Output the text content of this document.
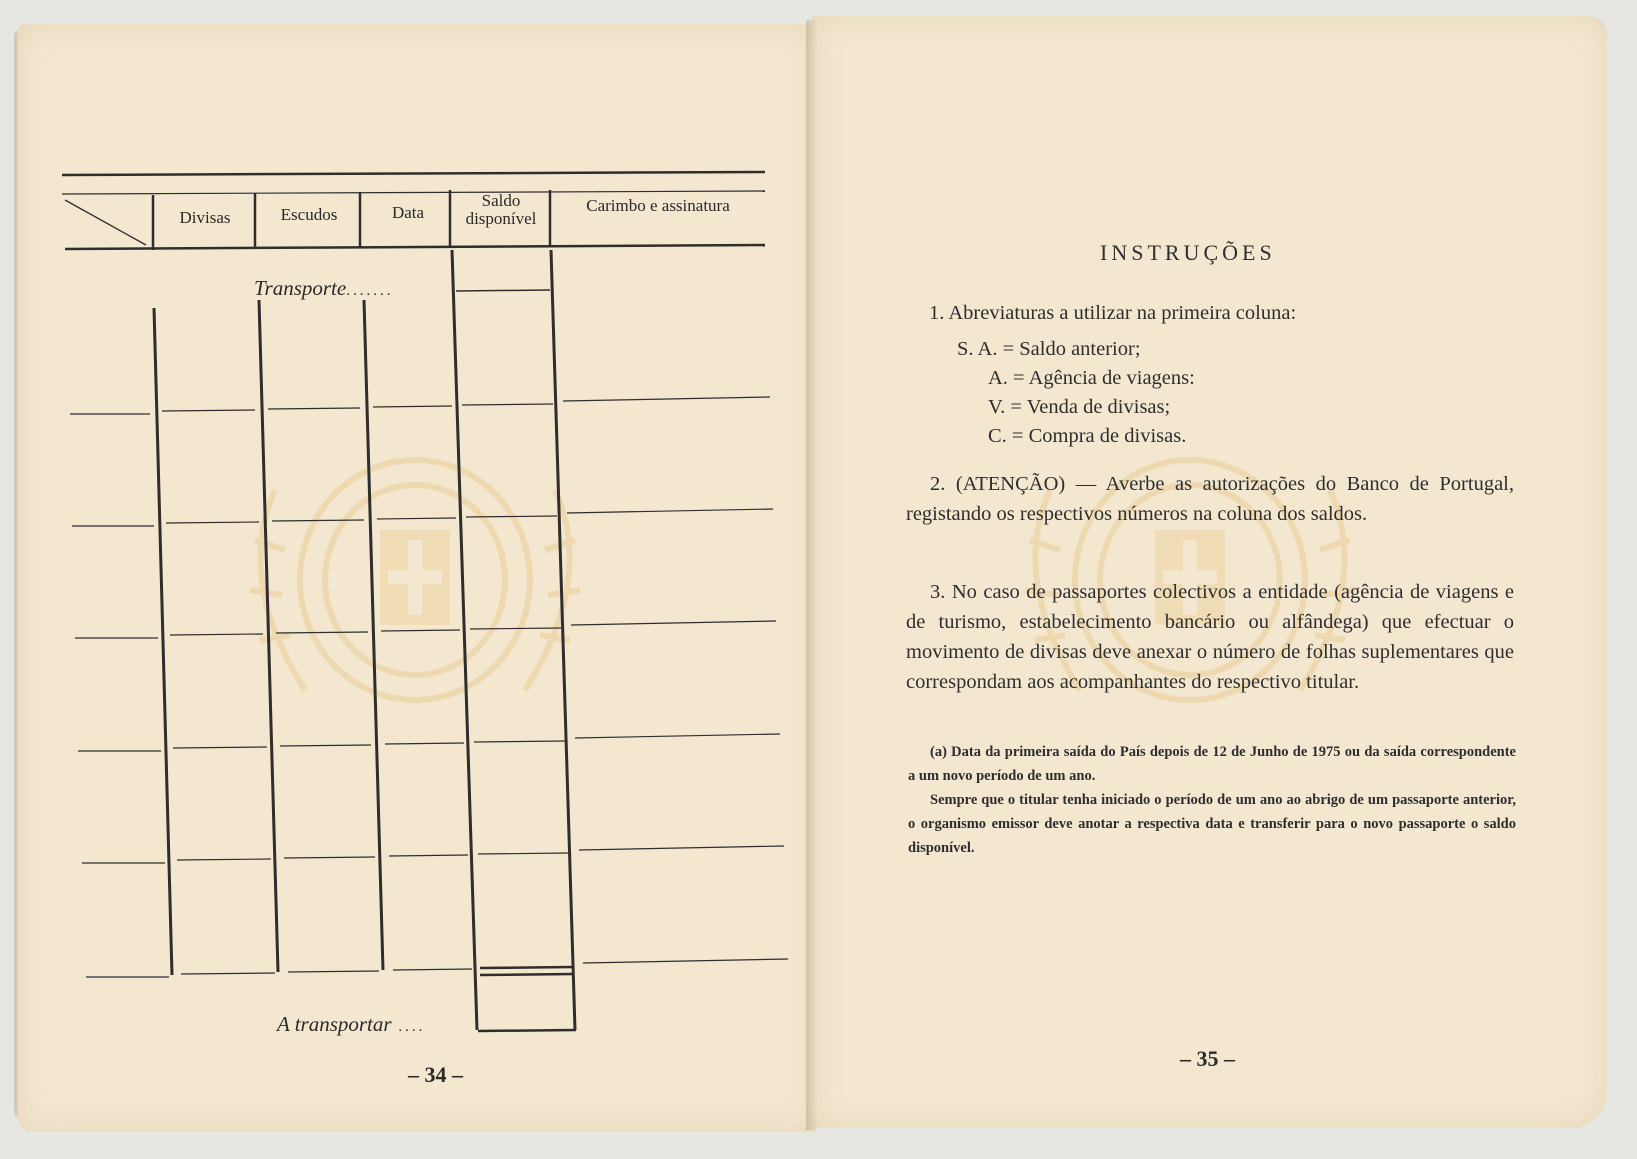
Divisas	Escudos	Data
Saldo
disponível
Carimbo e assinatura
Transporte.......
A transportar ....
– 34 –
INSTRUÇÕES
1. Abreviaturas a utilizar na primeira coluna:
S. A. = Saldo anterior;
A. = Agência de viagens:
V. = Venda de divisas;
C. = Compra de divisas.
2. (ATENÇÃO) — Averbe as autorizações do Banco de Portugal, registando os respectivos números na coluna dos saldos.
3. No caso de passaportes colectivos a entidade (agência de viagens e de turismo, estabelecimento bancário ou alfândega) que efectuar o movimento de divisas deve anexar o número de folhas suplementares que correspondam aos acompanhantes do respectivo titular.
(a) Data da primeira saída do País depois de 12 de Junho de 1975 ou da saída correspondente a um novo período de um ano.
Sempre que o titular tenha iniciado o período de um ano ao abrigo de um passaporte anterior, o organismo emissor deve anotar a respectiva data e transferir para o novo passaporte o saldo disponível.
– 35 –
